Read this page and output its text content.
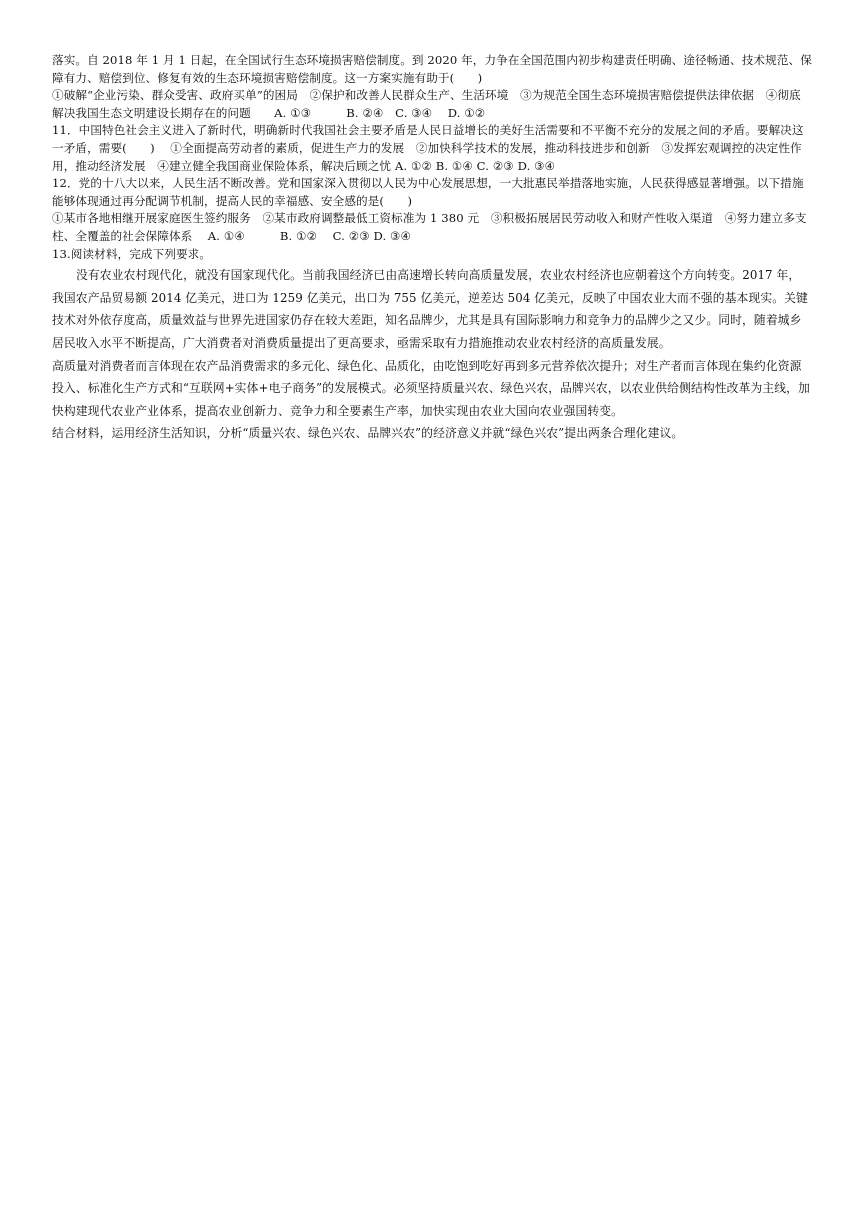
落实。自 2018 年 1 月 1 日起，在全国试行生态环境损害赔偿制度。到 2020 年，力争在全国范围内初步构建责任明确、途径畅通、技术规范、保障有力、赔偿到位、修复有效的生态环境损害赔偿制度。这一方案实施有助于(　　)

①破解“企业污染、群众受害、政府买单”的困局　②保护和改善人民群众生产、生活环境　③为规范全国生态环境损害赔偿提供法律依据　④彻底解决我国生态文明建设长期存在的问题　　A. ①③　　　B. ②④　C. ③④　 D. ①②

11．中国特色社会主义进入了新时代，明确新时代我国社会主要矛盾是人民日益增长的美好生活需要和不平衡不充分的发展之间的矛盾。要解决这一矛盾，需要(　　)　 ①全面提高劳动者的素质，促进生产力的发展　②加快科学技术的发展，推动科技进步和创新　③发挥宏观调控的决定性作用，推动经济发展　④建立健全我国商业保险体系，解决后顾之忧 A. ①② B. ①④ C. ②③ D. ③④

12．党的十八大以来，人民生活不断改善。党和国家深入贯彻以人民为中心发展思想，一大批惠民举措落地实施，人民获得感显著增强。以下措施能够体现通过再分配调节机制，提高人民的幸福感、安全感的是(　　)

①某市各地相继开展家庭医生签约服务　②某市政府调整最低工资标准为 1 380 元　③积极拓展居民劳动收入和财产性收入渠道　④努力建立多支柱、全覆盖的社会保障体系　 A. ①④　　　B. ①②　 C. ②③ D. ③④

13.阅读材料，完成下列要求。

没有农业农村现代化，就没有国家现代化。当前我国经济已由高速增长转向高质量发展，农业农村经济也应朝着这个方向转变。2017 年，我国农产品贸易额 2014 亿美元，进口为 1259 亿美元，出口为 755 亿美元，逆差达 504 亿美元，反映了中国农业大而不强的基本现实。关键技术对外依存度高，质量效益与世界先进国家仍存在较大差距，知名品牌少，尤其是具有国际影响力和竞争力的品牌少之又少。同时，随着城乡居民收入水平不断提高，广大消费者对消费质量提出了更高要求，亟需采取有力措施推动农业农村经济的高质量发展。

高质量对消费者而言体现在农产品消费需求的多元化、绿色化、品质化，由吃饱到吃好再到多元营养依次提升；对生产者而言体现在集约化资源投入、标准化生产方式和“互联网+实体+电子商务”的发展模式。必须坚持质量兴农、绿色兴农，品牌兴农，以农业供给侧结构性改革为主线，加快构建现代农业产业体系，提高农业创新力、竞争力和全要素生产率，加快实现由农业大国向农业强国转变。

结合材料，运用经济生活知识，分析“质量兴农、绿色兴农、品牌兴农”的经济意义并就“绿色兴农”提出两条合理化建议。
